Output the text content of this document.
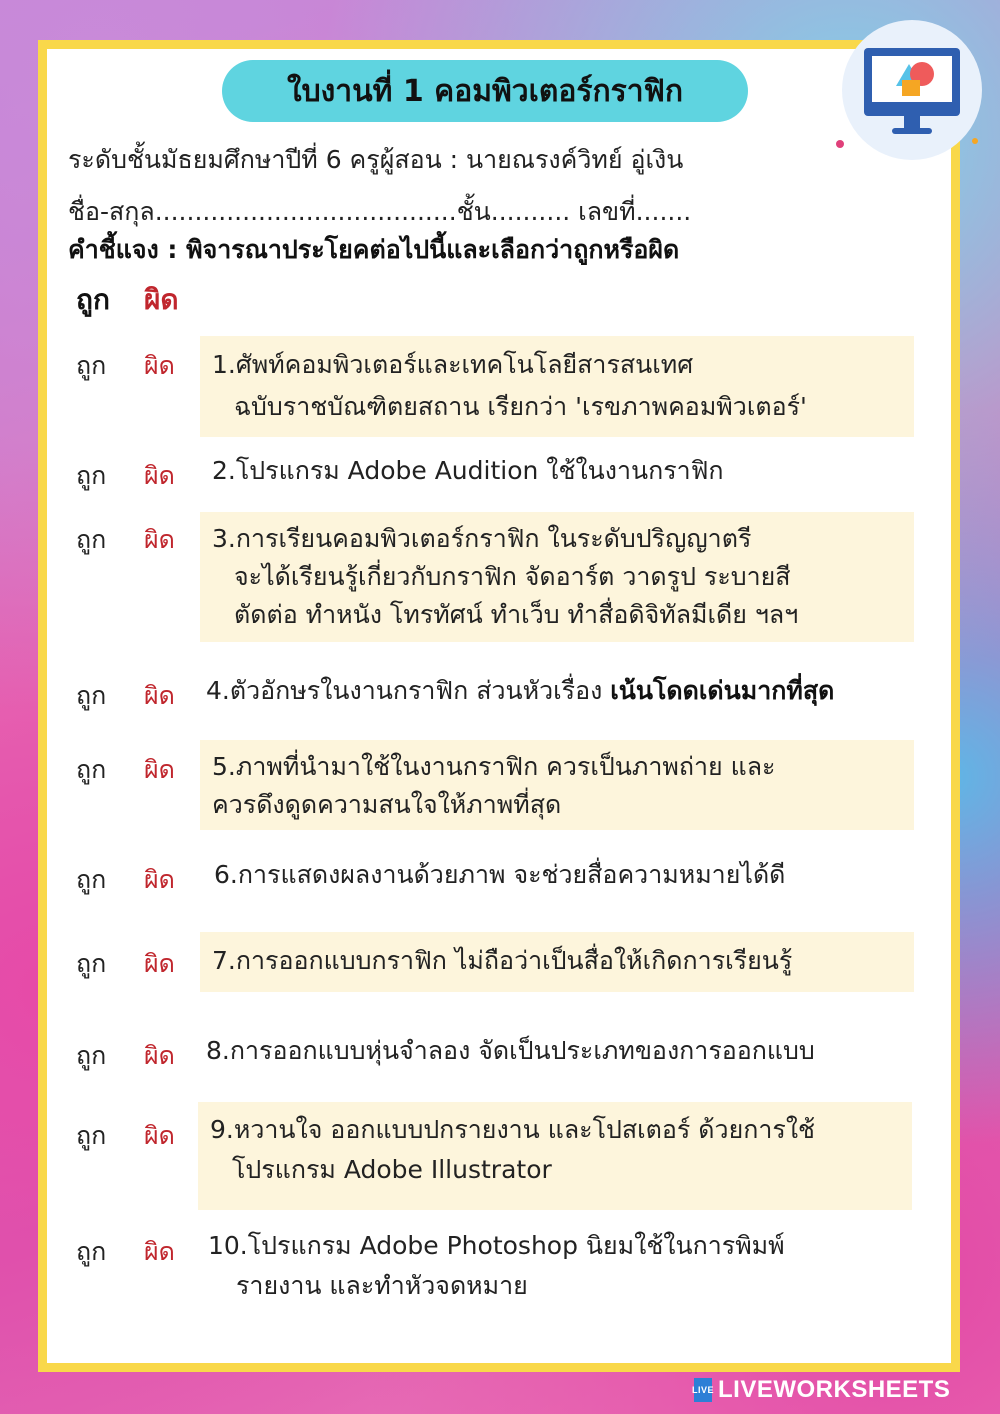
ใบงานที่ 1 คอมพิวเตอร์กราฟิก
ระดับชั้นมัธยมศึกษาปีที่ 6 ครูผู้สอน : นายณรงค์วิทย์ อู่เงิน
ชื่อ-สกุล......................................ชั้น.......... เลขที่.......
คำชี้แจง : พิจารณาประโยคต่อไปนี้และเลือกว่าถูกหรือผิด
ถูก ผิด
ถูก ผิด 1.ศัพท์คอมพิวเตอร์และเทคโนโลยีสารสนเทศ
ฉบับราชบัณฑิตยสถาน เรียกว่า 'เรขภาพคอมพิวเตอร์'
ถูก ผิด 2.โปรแกรม Adobe Audition ใช้ในงานกราฟิก
ถูก ผิด 3.การเรียนคอมพิวเตอร์กราฟิก ในระดับปริญญาตรี
จะได้เรียนรู้เกี่ยวกับกราฟิก จัดอาร์ต วาดรูป ระบายสี
ตัดต่อ ทำหนัง โทรทัศน์ ทำเว็บ ทำสื่อดิจิทัลมีเดีย ฯลฯ
ถูก ผิด 4.ตัวอักษรในงานกราฟิก ส่วนหัวเรื่อง เน้นโดดเด่นมากที่สุด
ถูก ผิด 5.ภาพที่นำมาใช้ในงานกราฟิก ควรเป็นภาพถ่าย และ
ควรดึงดูดความสนใจให้ภาพที่สุด
ถูก ผิด 6.การแสดงผลงานด้วยภาพ จะช่วยสื่อความหมายได้ดี
ถูก ผิด	7.การออกแบบกราฟิก ไม่ถือว่าเป็นสื่อให้เกิดการเรียนรู้
ถูก ผิด 8.การออกแบบหุ่นจำลอง จัดเป็นประเภทของการออกแบบ
ถูก ผิด 9.หวานใจ ออกแบบปกรายงาน และโปสเตอร์ ด้วยการใช้
โปรแกรม Adobe Illustrator
ถูก ผิด 10.โปรแกรม Adobe Photoshop นิยมใช้ในการพิมพ์
รายงาน และทำหัวจดหมาย
LIVE LIVEWORKSHEETS
